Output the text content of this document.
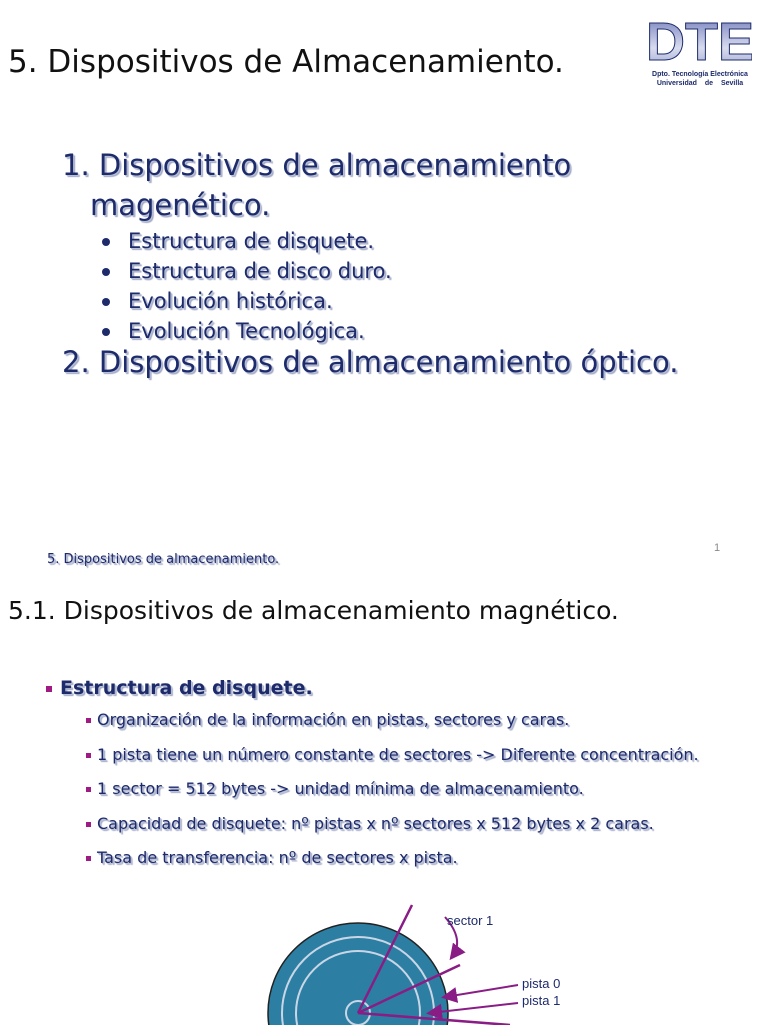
5. Dispositivos de Almacenamiento. DTE
Dpto. Tecnología Electrónica
Universidad de Sevilla
1. Dispositivos de almacenamiento
magenético.
Estructura de disquete.
Estructura de disco duro.
Evolución histórica.
Evolución Tecnológica.
2. Dispositivos de almacenamiento óptico.
5. Dispositivos de almacenamiento.
1
5.1. Dispositivos de almacenamiento magnético.
Estructura de disquete.
Organización de la información en pistas, sectores y caras.
1 pista tiene un número constante de sectores -> Diferente concentración.
1 sector = 512 bytes -> unidad mínima de almacenamiento.
Capacidad de disquete: nº pistas x nº sectores x 512 bytes x 2 caras.
Tasa de transferencia: nº de sectores x pista.
sector 1
pista 0
pista 1
